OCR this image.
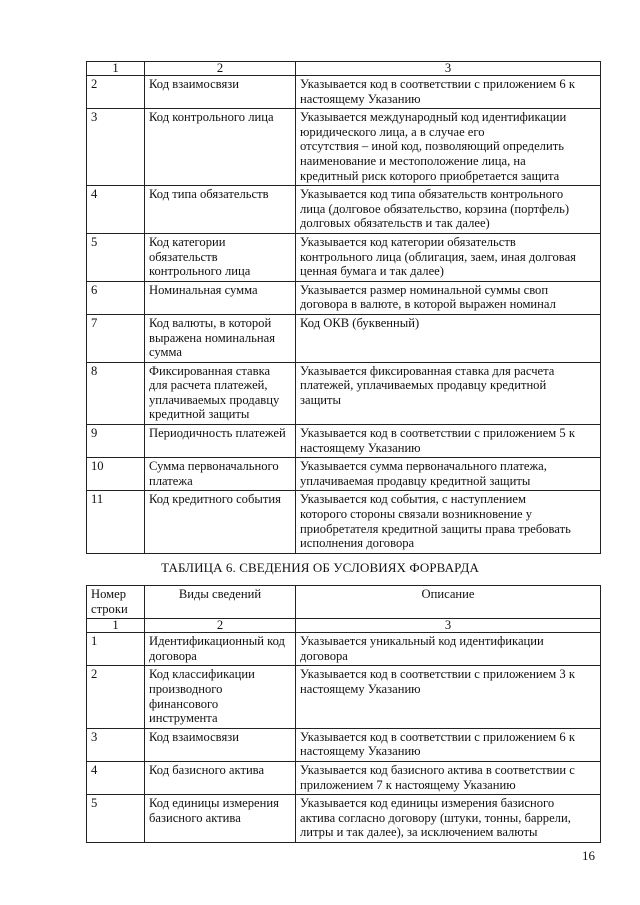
1	2	3
2	Код взаимосвязи	Указывается код в соответствии с приложением 6 к
настоящему Указанию
3	Код контрольного лица	Указывается международный код идентификации
юридического лица, а в случае его
отсутствия – иной код, позволяющий определить
наименование и местоположение лица, на
кредитный риск которого приобретается защита
4	Код типа обязательств	Указывается код типа обязательств контрольного
лица (долговое обязательство, корзина (портфель)
долговых обязательств и так далее)
5	Код категории
обязательств
контрольного лица	Указывается код категории обязательств
контрольного лица (облигация, заем, иная долговая
ценная бумага и так далее)
6	Номинальная сумма	Указывается размер номинальной суммы своп
договора в валюте, в которой выражен номинал
7	Код валюты, в которой
выражена номинальная
сумма	Код ОКВ (буквенный)
8	Фиксированная ставка
для расчета платежей,
уплачиваемых продавцу
кредитной защиты	Указывается фиксированная ставка для расчета
платежей, уплачиваемых продавцу кредитной
защиты
9	Периодичность платежей	Указывается код в соответствии с приложением 5 к
настоящему Указанию
10	Сумма первоначального
платежа	Указывается сумма первоначального платежа,
уплачиваемая продавцу кредитной защиты
11	Код кредитного события	Указывается код события, с наступлением
которого стороны связали возникновение у
приобретателя кредитной защиты права требовать
исполнения договора
ТАБЛИЦА 6. СВЕДЕНИЯ ОБ УСЛОВИЯХ ФОРВАРДА
Номер
строки	Виды сведений	Описание
1	2	3
1	Идентификационный код
договора	Указывается уникальный код идентификации
договора
2	Код классификации
производного
финансового
инструмента	Указывается код в соответствии с приложением 3 к
настоящему Указанию
3	Код взаимосвязи	Указывается код в соответствии с приложением 6 к
настоящему Указанию
4	Код базисного актива	Указывается код базисного актива в соответствии с
приложением 7 к настоящему Указанию
5	Код единицы измерения
базисного актива	Указывается код единицы измерения базисного
актива согласно договору (штуки, тонны, баррели,
литры и так далее), за исключением валюты
16
